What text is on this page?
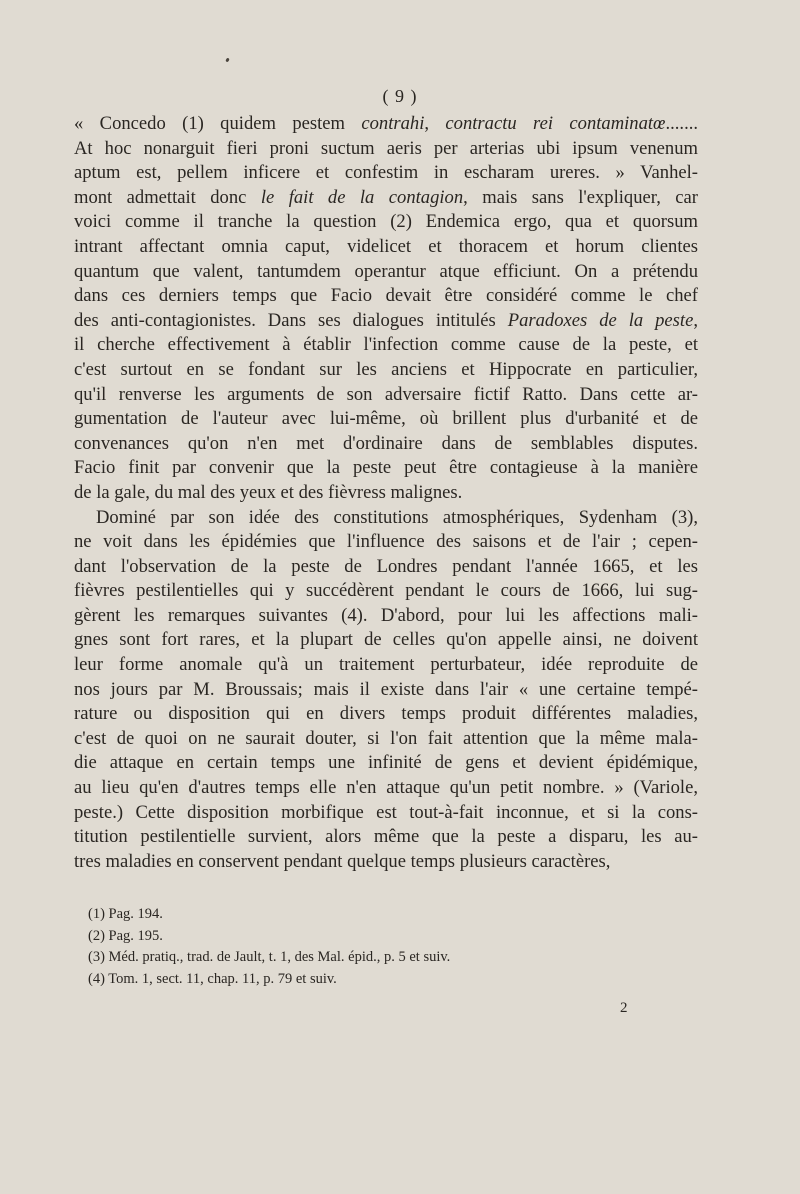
( 9 )
« Concedo (1) quidem pestem contrahi, contractu rei contaminatœ.......
At hoc nonarguit fieri proni suctum aeris per arterias ubi ipsum venenum
aptum est, pellem inficere et confestim in escharam ureres. » Vanhel-
mont admettait donc le fait de la contagion, mais sans l'expliquer, car
voici comme il tranche la question (2) Endemica ergo, qua et quorsum
intrant affectant omnia caput, videlicet et thoracem et horum clientes
quantum que valent, tantumdem operantur atque efficiunt. On a prétendu
dans ces derniers temps que Facio devait être considéré comme le chef
des anti-contagionistes. Dans ses dialogues intitulés Paradoxes de la peste,
il cherche effectivement à établir l'infection comme cause de la peste, et
c'est surtout en se fondant sur les anciens et Hippocrate en particulier,
qu'il renverse les arguments de son adversaire fictif Ratto. Dans cette ar-
gumentation de l'auteur avec lui-même, où brillent plus d'urbanité et de
convenances qu'on n'en met d'ordinaire dans de semblables disputes.
Facio finit par convenir que la peste peut être contagieuse à la manière
de la gale, du mal des yeux et des fièvress malignes.
Dominé par son idée des constitutions atmosphériques, Sydenham (3),
ne voit dans les épidémies que l'influence des saisons et de l'air ; cepen-
dant l'observation de la peste de Londres pendant l'année 1665, et les
fièvres pestilentielles qui y succédèrent pendant le cours de 1666, lui sug-
gèrent les remarques suivantes (4). D'abord, pour lui les affections mali-
gnes sont fort rares, et la plupart de celles qu'on appelle ainsi, ne doivent
leur forme anomale qu'à un traitement perturbateur, idée reproduite de
nos jours par M. Broussais; mais il existe dans l'air « une certaine tempé-
rature ou disposition qui en divers temps produit différentes maladies,
c'est de quoi on ne saurait douter, si l'on fait attention que la même mala-
die attaque en certain temps une infinité de gens et devient épidémique,
au lieu qu'en d'autres temps elle n'en attaque qu'un petit nombre. » (Variole,
peste.) Cette disposition morbifique est tout-à-fait inconnue, et si la cons-
titution pestilentielle survient, alors même que la peste a disparu, les au-
tres maladies en conservent pendant quelque temps plusieurs caractères,
(1) Pag. 194.
(2) Pag. 195.
(3) Méd. pratiq., trad. de Jault, t. 1, des Mal. épid., p. 5 et suiv.
(4) Tom. 1, sect. 11, chap. 11, p. 79 et suiv.
2
